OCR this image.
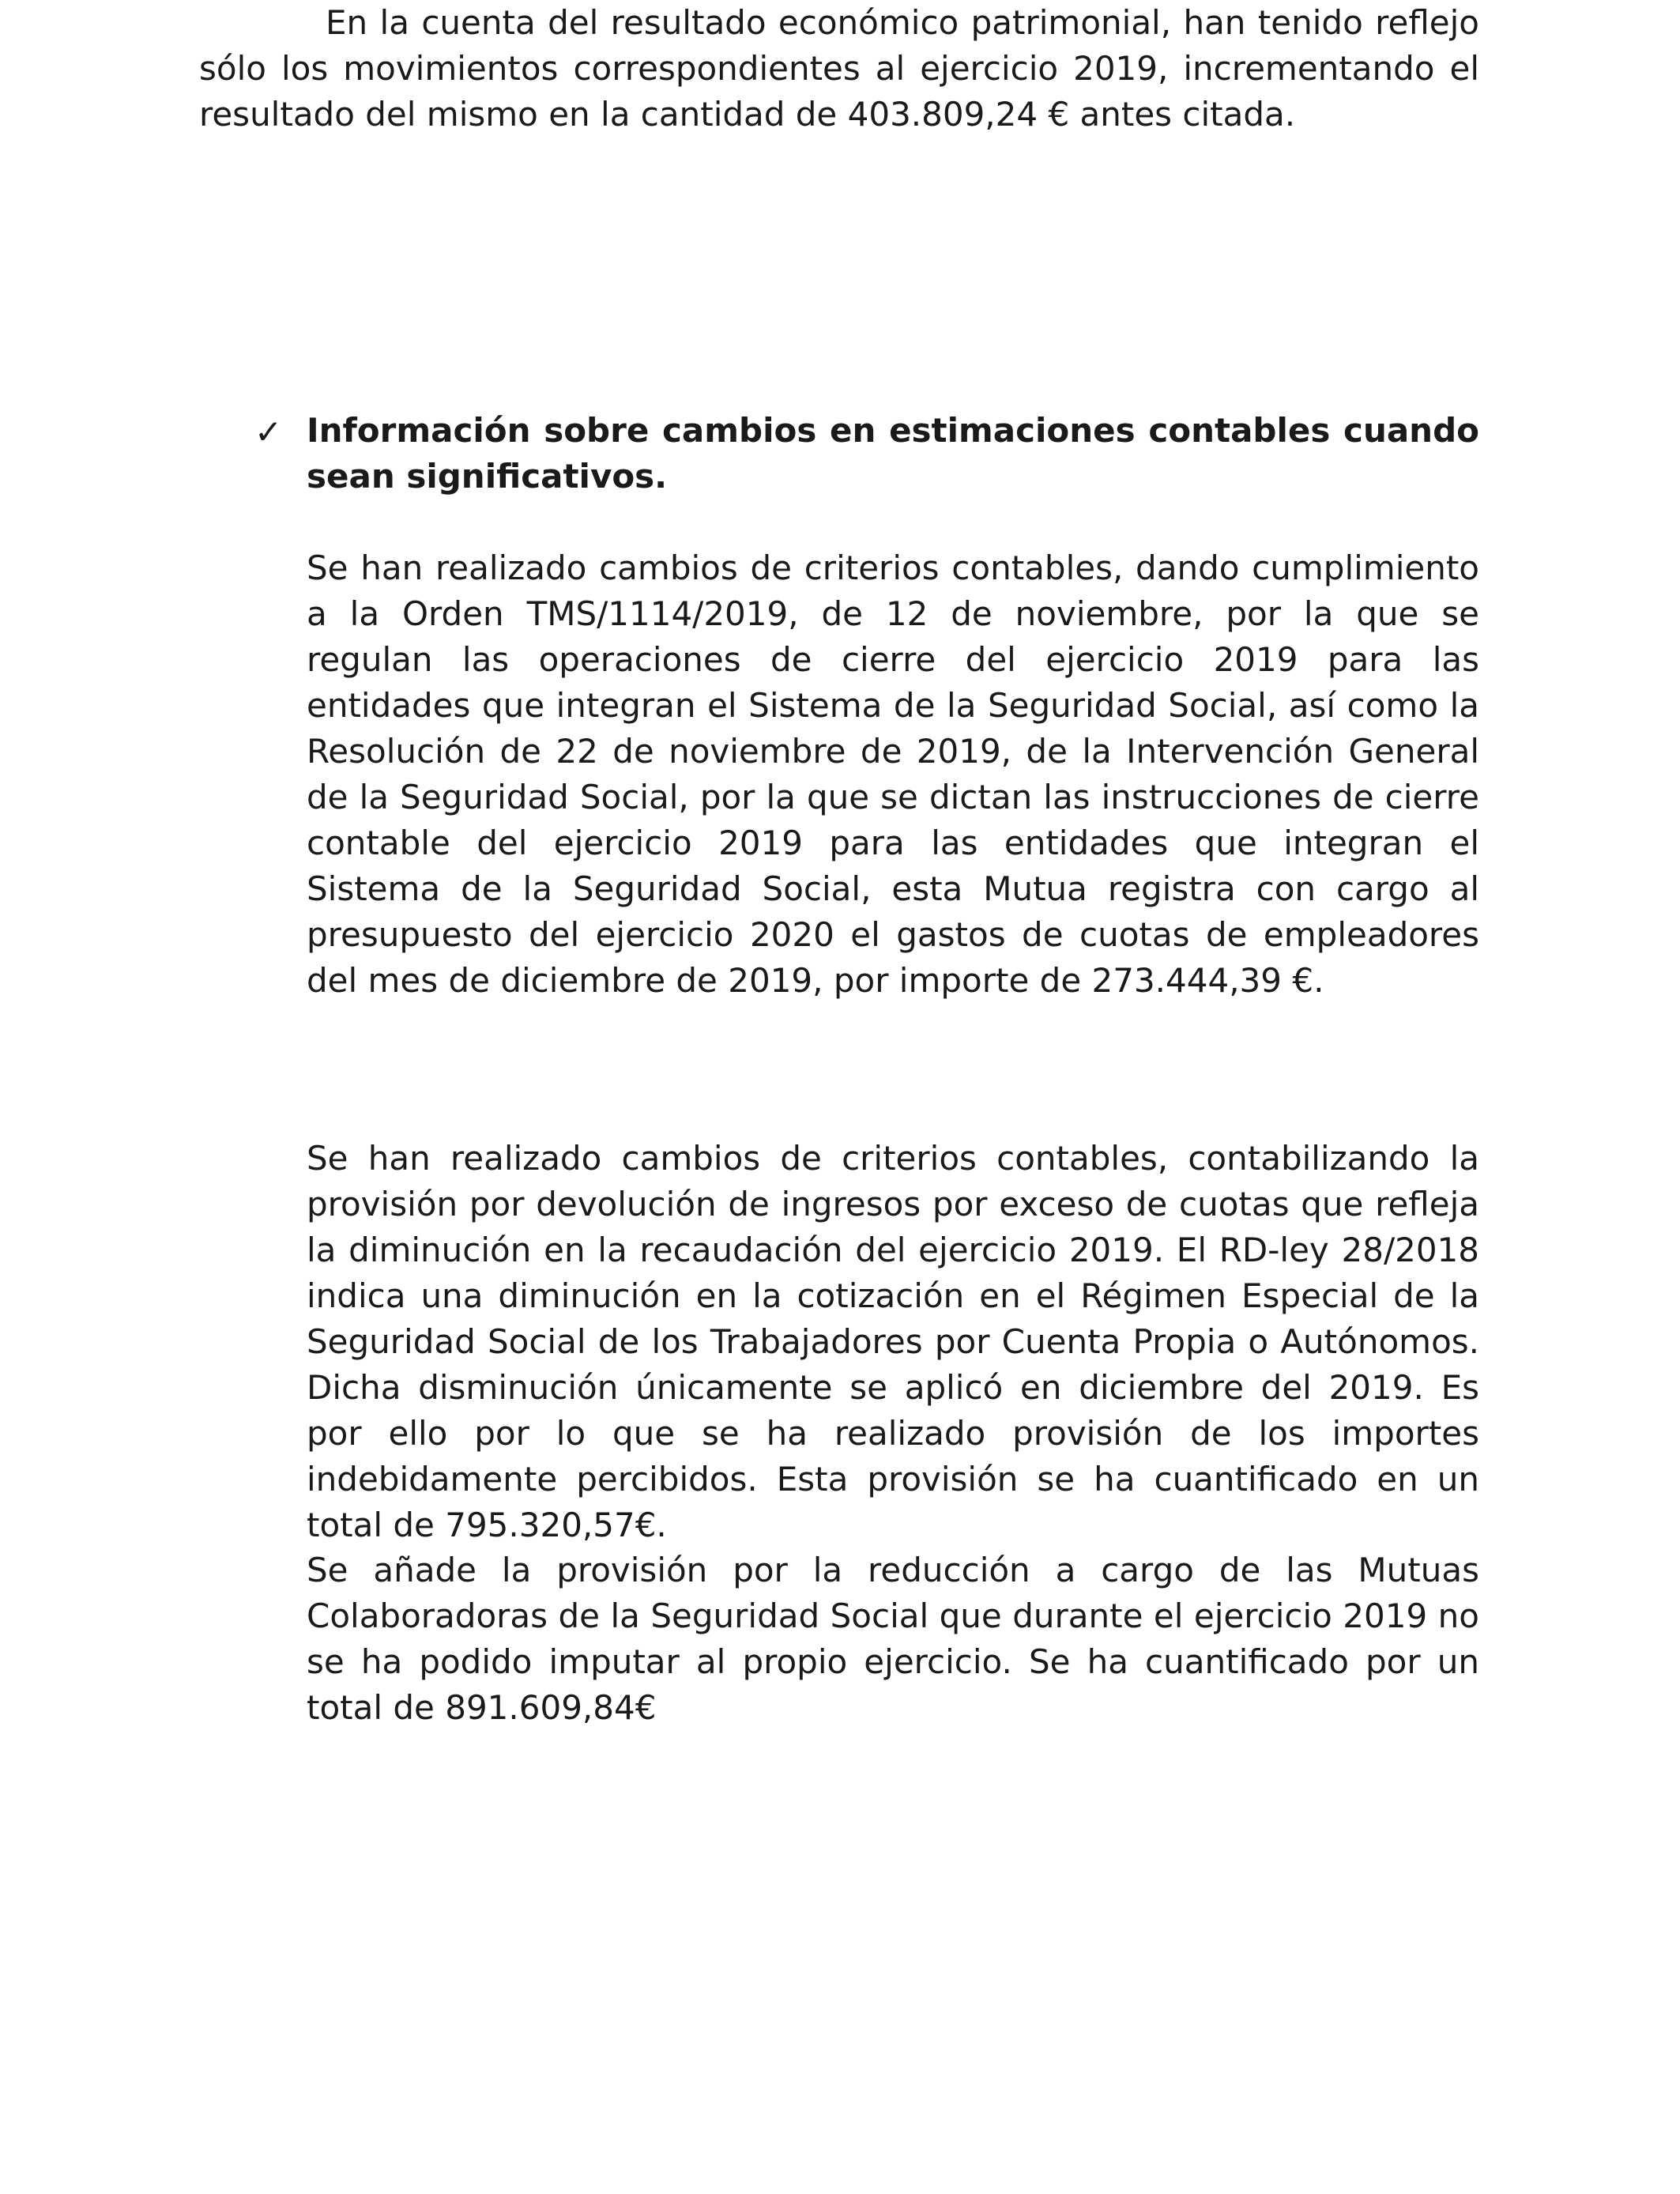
En la cuenta del resultado económico patrimonial, han tenido reflejo sólo los movimientos correspondientes al ejercicio 2019, incrementando el resultado del mismo en la cantidad de 403.809,24 € antes citada.

✓ Información sobre cambios en estimaciones contables cuando sean significativos.

Se han realizado cambios de criterios contables, dando cumplimiento a la Orden TMS/1114/2019, de 12 de noviembre, por la que se regulan las operaciones de cierre del ejercicio 2019 para las entidades que integran el Sistema de la Seguridad Social, así como la Resolución de 22 de noviembre de 2019, de la Intervención General de la Seguridad Social, por la que se dictan las instrucciones de cierre contable del ejercicio 2019 para las entidades que integran el Sistema de la Seguridad Social, esta Mutua registra con cargo al presupuesto del ejercicio 2020 el gastos de cuotas de empleadores del mes de diciembre de 2019, por importe de 273.444,39 €.

Se han realizado cambios de criterios contables, contabilizando la provisión por devolución de ingresos por exceso de cuotas que refleja la diminución en la recaudación del ejercicio 2019. El RD-ley 28/2018 indica una diminución en la cotización en el Régimen Especial de la Seguridad Social de los Trabajadores por Cuenta Propia o Autónomos. Dicha disminución únicamente se aplicó en diciembre del 2019. Es por ello por lo que se ha realizado provisión de los importes indebidamente percibidos. Esta provisión se ha cuantificado en un total de 795.320,57€.

Se añade la provisión por la reducción a cargo de las Mutuas Colaboradoras de la Seguridad Social que durante el ejercicio 2019 no se ha podido imputar al propio ejercicio. Se ha cuantificado por un total de 891.609,84€
